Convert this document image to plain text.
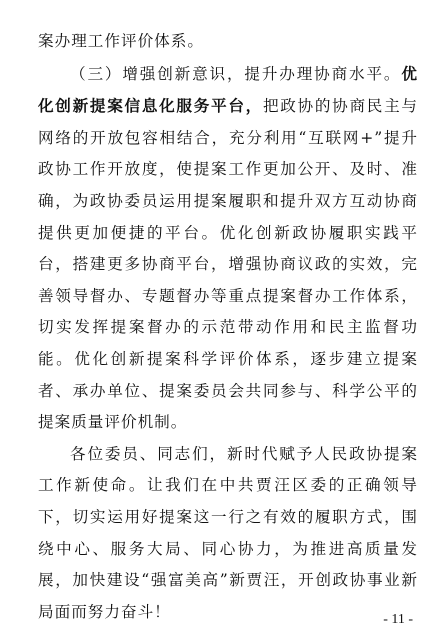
案办理工作评价体系。

（三）增强创新意识，提升办理协商水平。优化创新提案信息化服务平台，把政协的协商民主与网络的开放包容相结合，充分利用“互联网+”提升政协工作开放度，使提案工作更加公开、及时、准确，为政协委员运用提案履职和提升双方互动协商提供更加便捷的平台。优化创新政协履职实践平台，搭建更多协商平台，增强协商议政的实效，完善领导督办、专题督办等重点提案督办工作体系，切实发挥提案督办的示范带动作用和民主监督功能。优化创新提案科学评价体系，逐步建立提案者、承办单位、提案委员会共同参与、科学公平的提案质量评价机制。

各位委员、同志们，新时代赋予人民政协提案工作新使命。让我们在中共贾汪区委的正确领导下，切实运用好提案这一行之有效的履职方式，围绕中心、服务大局、同心协力，为推进高质量发展，加快建设“强富美高”新贾汪，开创政协事业新局面而努力奋斗！	- 11 -
